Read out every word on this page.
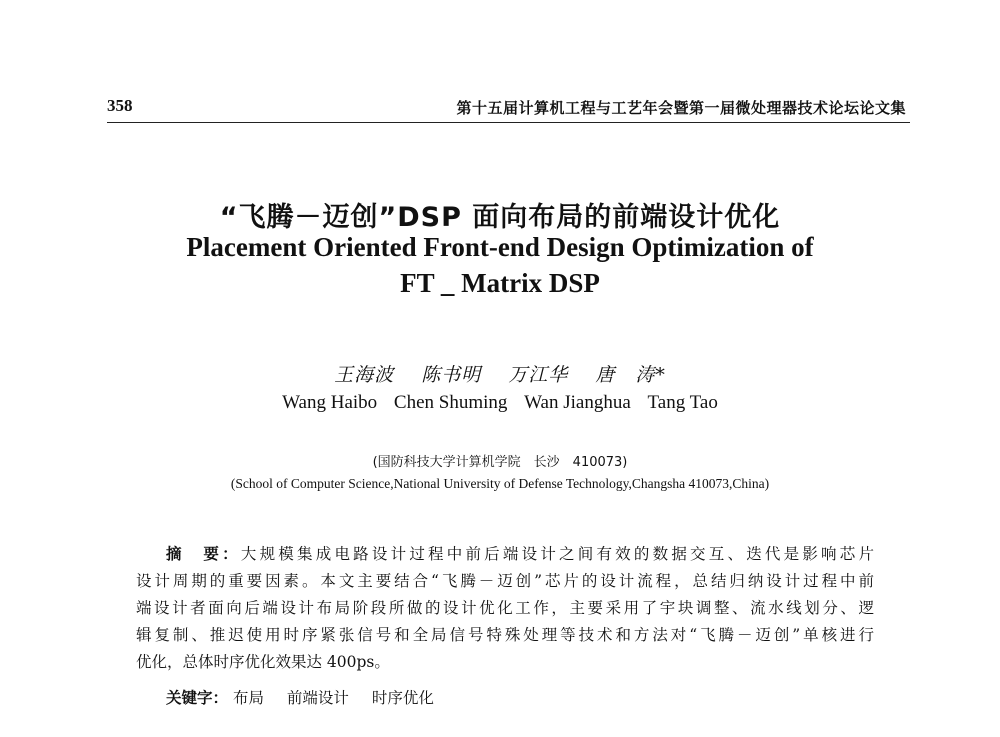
358	第十五届计算机工程与工艺年会暨第一届微处理器技术论坛论文集
“飞腾－迈创”DSP 面向布局的前端设计优化
Placement Oriented Front-end Design Optimization of
FT _ Matrix DSP
王海波 陈书明 万江华 唐　涛*
Wang Haibo Chen Shuming Wan Jianghua Tang Tao
(国防科技大学计算机学院　长沙　410073)
(School of Computer Science,National University of Defense Technology,Changsha 410073,China)
摘　要：大规模集成电路设计过程中前后端设计之间有效的数据交互、迭代是影响芯片
设计周期的重要因素。本文主要结合“飞腾－迈创”芯片的设计流程，总结归纳设计过程中前
端设计者面向后端设计布局阶段所做的设计优化工作，主要采用了宇块调整、流水线划分、逻
辑复制、推迟使用时序紧张信号和全局信号特殊处理等技术和方法对“飞腾－迈创”单核进行
优化，总体时序优化效果达 400ps。
关键字： 布局 前端设计 时序优化
